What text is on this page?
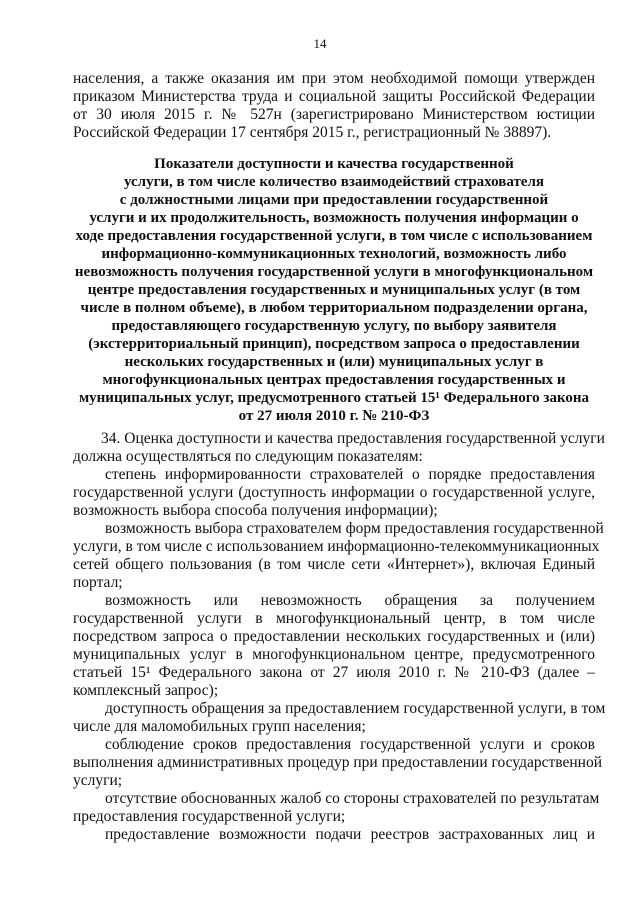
14
населения, а также оказания им при этом необходимой помощи утвержден
приказом Министерства труда и социальной защиты Российской Федерации
от 30 июля 2015 г. № 527н (зарегистрировано Министерством юстиции
Российской Федерации 17 сентября 2015 г., регистрационный № 38897).
Показатели доступности и качества государственной
услуги, в том числе количество взаимодействий страхователя
с должностными лицами при предоставлении государственной
услуги и их продолжительность, возможность получения информации о
ходе предоставления государственной услуги, в том числе с использованием
информационно-коммуникационных технологий, возможность либо
невозможность получения государственной услуги в многофункциональном
центре предоставления государственных и муниципальных услуг (в том
числе в полном объеме), в любом территориальном подразделении органа,
предоставляющего государственную услугу, по выбору заявителя
(экстерриториальный принцип), посредством запроса о предоставлении
нескольких государственных и (или) муниципальных услуг в
многофункциональных центрах предоставления государственных и
муниципальных услуг, предусмотренного статьей 15¹ Федерального закона
от 27 июля 2010 г. № 210-ФЗ
34. Оценка доступности и качества предоставления государственной услуги
должна осуществляться по следующим показателям:
степень информированности страхователей о порядке предоставления
государственной услуги (доступность информации о государственной услуге,
возможность выбора способа получения информации);
возможность выбора страхователем форм предоставления государственной
услуги, в том числе с использованием информационно-телекоммуникационных
сетей общего пользования (в том числе сети «Интернет»), включая Единый
портал;
возможность или невозможность обращения за получением
государственной услуги в многофункциональный центр, в том числе
посредством запроса о предоставлении нескольких государственных и (или)
муниципальных услуг в многофункциональном центре, предусмотренного
статьей 15¹ Федерального закона от 27 июля 2010 г. № 210-ФЗ (далее –
комплексный запрос);
доступность обращения за предоставлением государственной услуги, в том
числе для маломобильных групп населения;
соблюдение сроков предоставления государственной услуги и сроков
выполнения административных процедур при предоставлении государственной
услуги;
отсутствие обоснованных жалоб со стороны страхователей по результатам
предоставления государственной услуги;
предоставление возможности подачи реестров застрахованных лиц и
